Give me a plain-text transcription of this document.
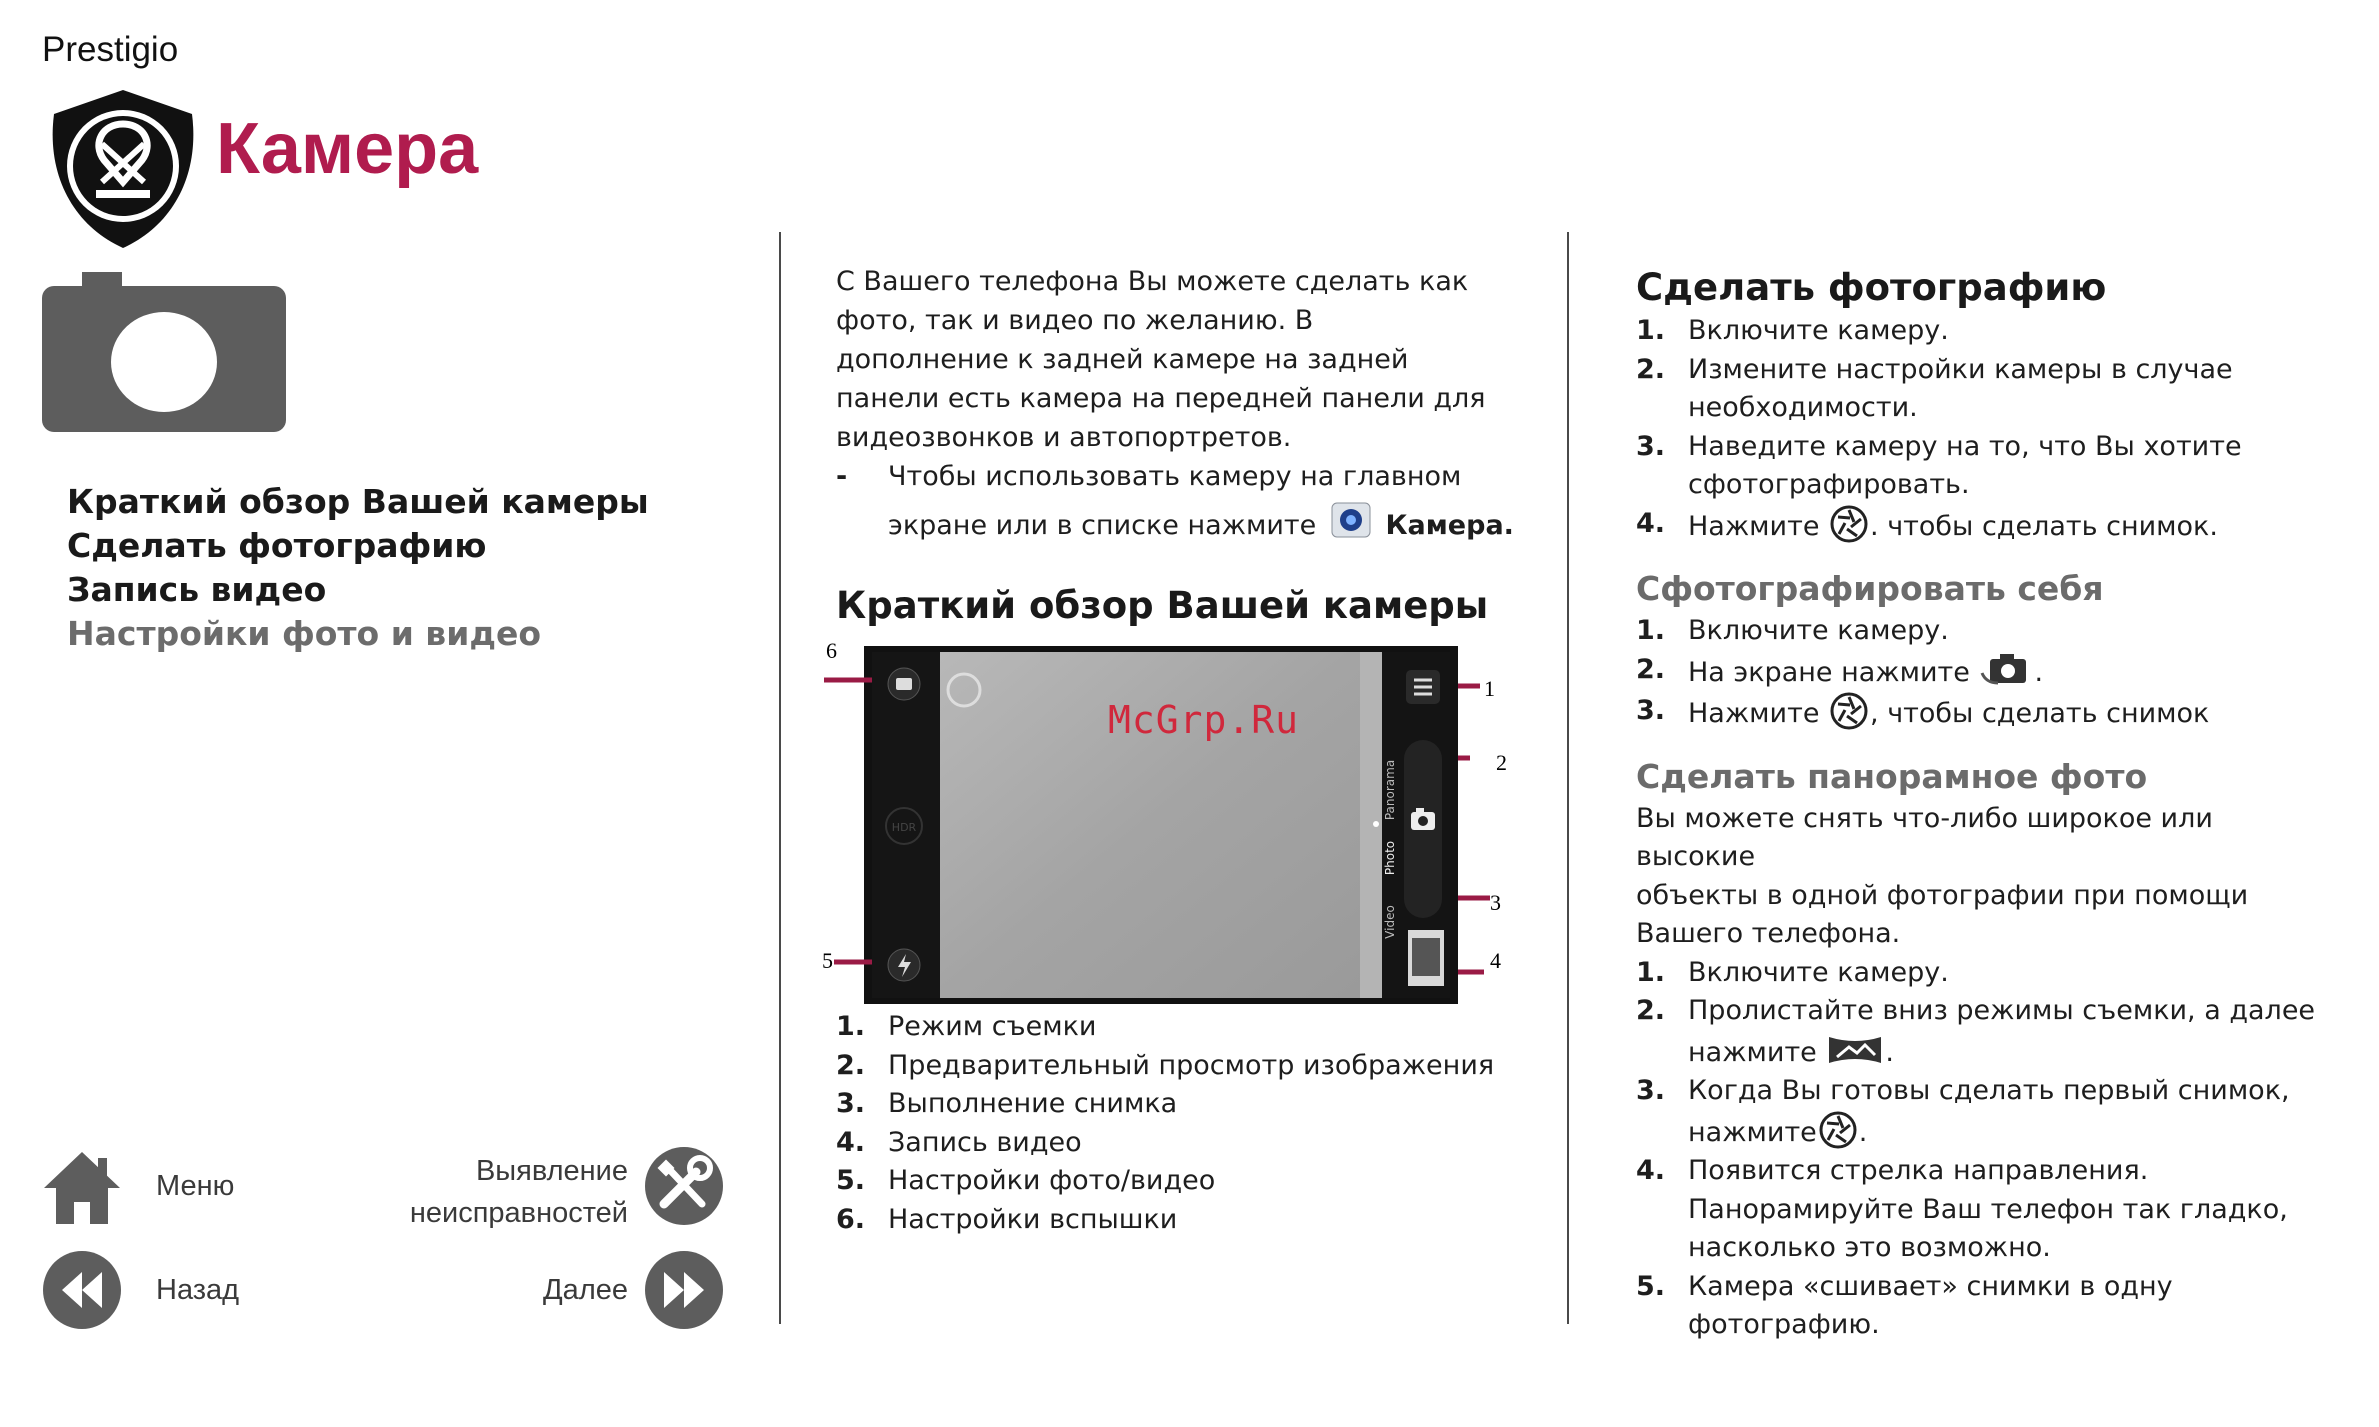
Prestigio
Камера
Краткий обзор Вашей камеры
Сделать фотографию
Запись видео
Настройки фото и видео
Меню	Выявление
неисправностей
Назад	Далее

С Вашего телефона Вы можете сделать как фото, так и видео по желанию. В дополнение к задней камере на задней панели есть камера на передней панели для видеозвонков и автопортретов.

-	Чтобы использовать камеру на главном
экране или в списке нажмите	Камера.
Краткий обзор Вашей камеры
HDR
Panorama
Photo
Video
6
5
1
2
3
4
1. Режим съемки
2. Предварительный просмотр изображения
3. Выполнение снимка
4. Запись видео
5. Настройки фото/видео
6. Настройки вспышки
McGrp.Ru
Сделать фотографию
1. Включите камеру.
2. Измените настройки камеры в случае
необходимости.
3. Наведите камеру на то, что Вы хотите
сфотографировать.
4. Нажмите . чтобы сделать снимок.
Сфотографировать себя
1. Включите камеру.
2. На экране нажмите .
3. Нажмите , чтобы сделать снимок
Сделать панорамное фото
Вы можете снять что-либо широкое или высокие
объекты в одной фотографии при помощи
Вашего телефона.
1. Включите камеру.
2. Пролистайте вниз режимы съемки, а далее
нажмите	.
3. Когда Вы готовы сделать первый снимок,
нажмите .
4. Появится стрелка направления.
Панорамируйте Ваш телефон так гладко,
насколько это возможно.
5. Камера «сшивает» снимки в одну
фотографию.
